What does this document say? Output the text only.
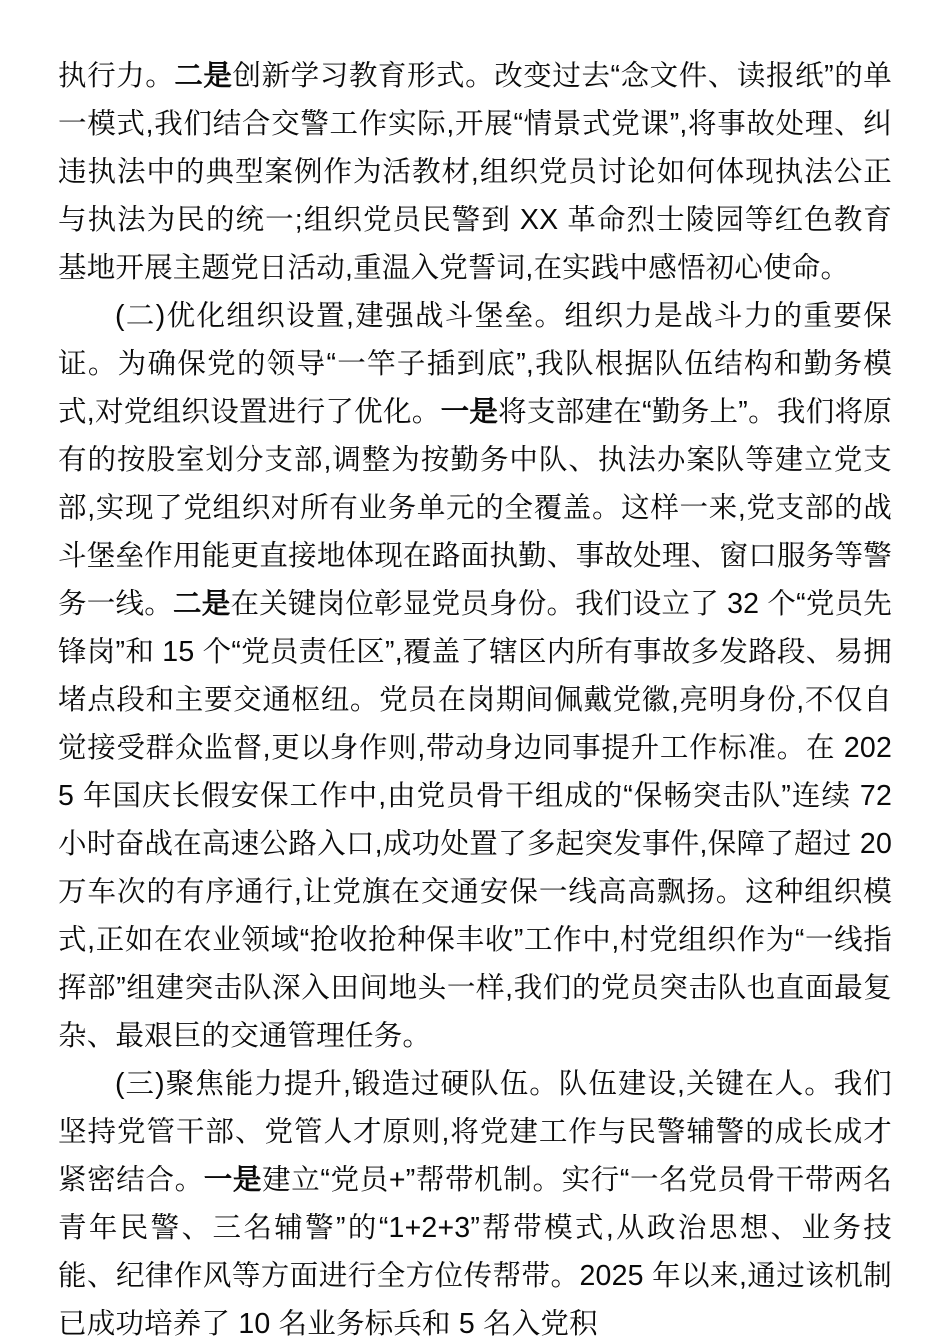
执行力。二是创新学习教育形式。改变过去“念文件、读报纸”的单一模式,我们结合交警工作实际,开展“情景式党课”,将事故处理、纠违执法中的典型案例作为活教材,组织党员讨论如何体现执法公正与执法为民的统一;组织党员民警到 XX 革命烈士陵园等红色教育基地开展主题党日活动,重温入党誓词,在实践中感悟初心使命。

(二)优化组织设置,建强战斗堡垒。组织力是战斗力的重要保证。为确保党的领导“一竿子插到底”,我队根据队伍结构和勤务模式,对党组织设置进行了优化。一是将支部建在“勤务上”。我们将原有的按股室划分支部,调整为按勤务中队、执法办案队等建立党支部,实现了党组织对所有业务单元的全覆盖。这样一来,党支部的战斗堡垒作用能更直接地体现在路面执勤、事故处理、窗口服务等警务一线。二是在关键岗位彰显党员身份。我们设立了 32 个“党员先锋岗”和 15 个“党员责任区”,覆盖了辖区内所有事故多发路段、易拥堵点段和主要交通枢纽。党员在岗期间佩戴党徽,亮明身份,不仅自觉接受群众监督,更以身作则,带动身边同事提升工作标准。在 2025 年国庆长假安保工作中,由党员骨干组成的“保畅突击队”连续 72 小时奋战在高速公路入口,成功处置了多起突发事件,保障了超过 20 万车次的有序通行,让党旗在交通安保一线高高飘扬。这种组织模式,正如在农业领域“抢收抢种保丰收”工作中,村党组织作为“一线指挥部”组建突击队深入田间地头一样,我们的党员突击队也直面最复杂、最艰巨的交通管理任务。

(三)聚焦能力提升,锻造过硬队伍。队伍建设,关键在人。我们坚持党管干部、党管人才原则,将党建工作与民警辅警的成长成才紧密结合。一是建立“党员+”帮带机制。实行“一名党员骨干带两名青年民警、三名辅警”的“1+2+3”帮带模式,从政治思想、业务技能、纪律作风等方面进行全方位传帮带。2025 年以来,通过该机制已成功培养了 10 名业务标兵和 5 名入党积
